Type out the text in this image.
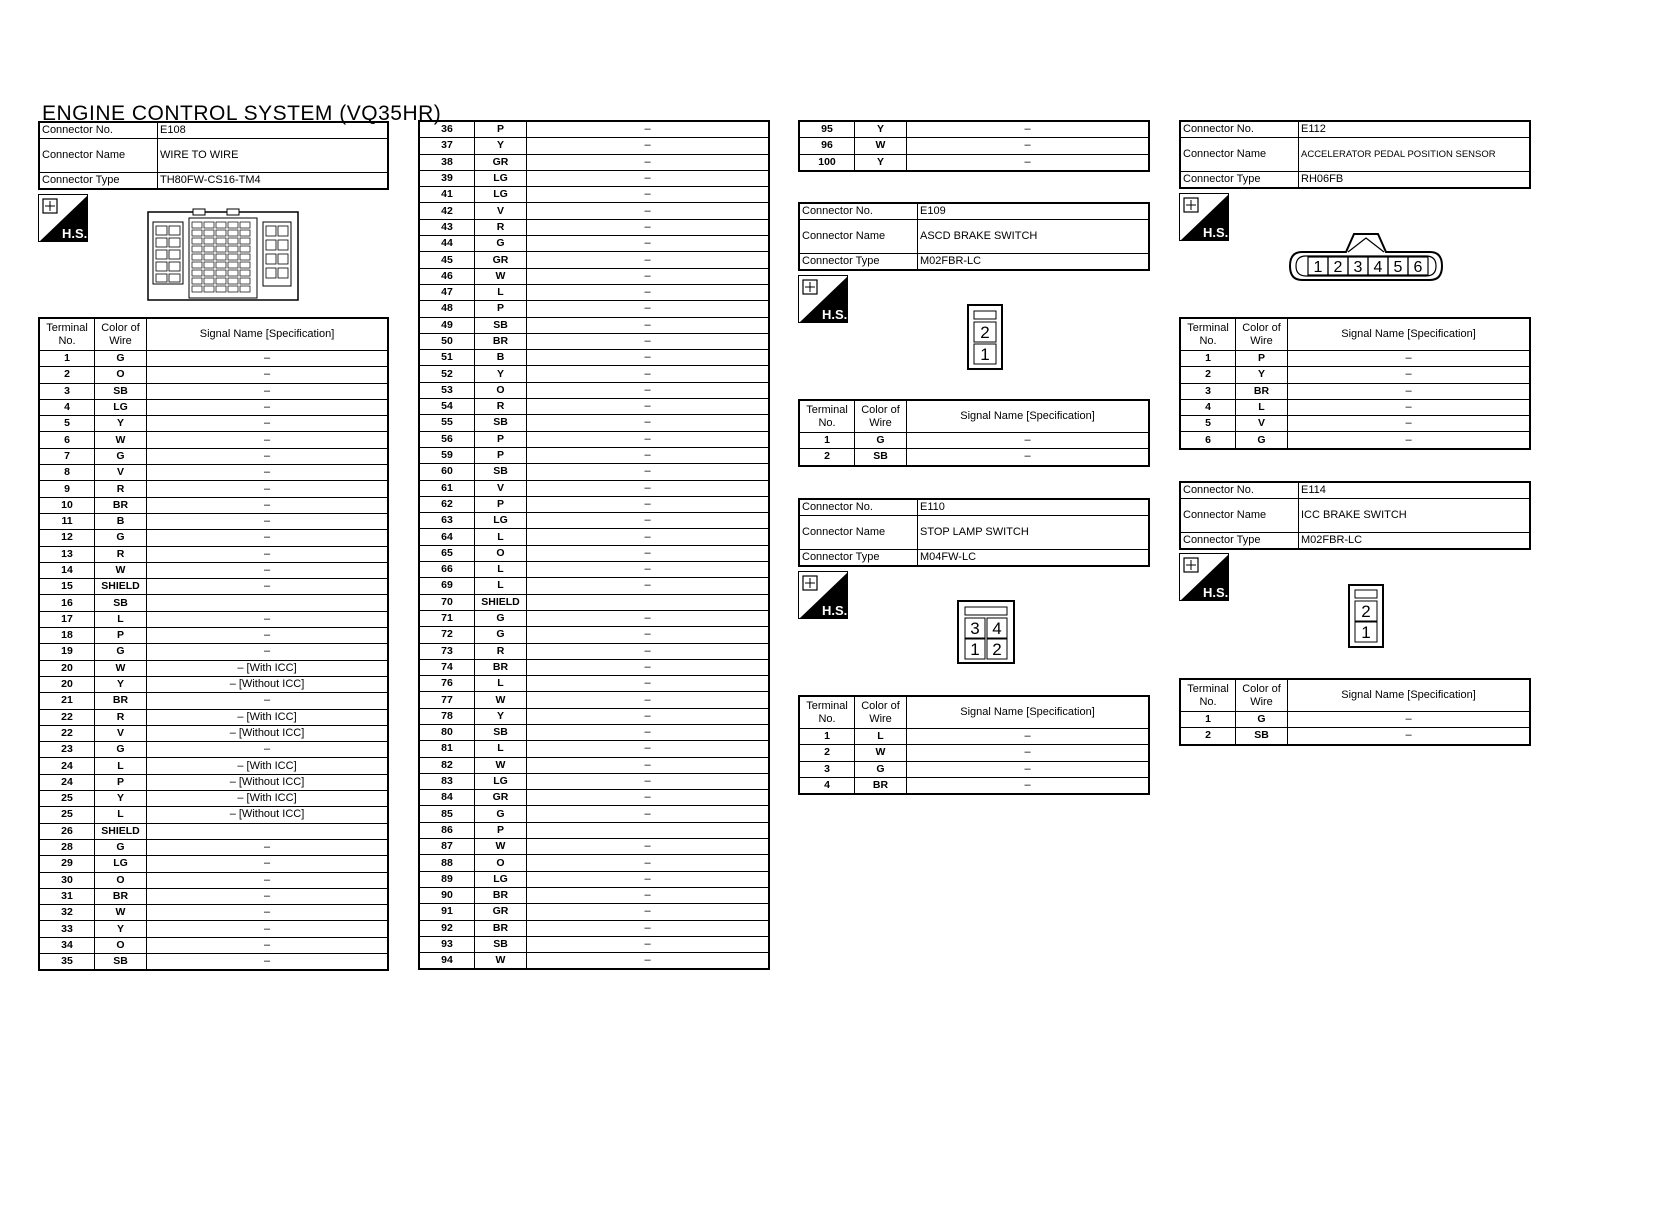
ENGINE CONTROL SYSTEM (VQ35HR)
Connector No.	E108
Connector Name	WIRE TO WIRE
Connector Type	TH80FW-CS16-TM4
H.S.
Terminal No.	Color of Wire	Signal Name [Specification]
1	G	–
2	O	–
3	SB	–
4	LG	–
5	Y	–
6	W	–
7	G	–
8	V	–
9	R	–
10	BR	–
11	B	–
12	G	–
13	R	–
14	W	–
15	SHIELD	–
16	SB	
17	L	–
18	P	–
19	G	–
20	W	– [With ICC]
20	Y	– [Without ICC]
21	BR	–
22	R	– [With ICC]
22	V	– [Without ICC]
23	G	–
24	L	– [With ICC]
24	P	– [Without ICC]
25	Y	– [With ICC]
25	L	– [Without ICC]
26	SHIELD	
28	G	–
29	LG	–
30	O	–
31	BR	–
32	W	–
33	Y	–
34	O	–
35	SB	–
36	P	–
37	Y	–
38	GR	–
39	LG	–
41	LG	–
42	V	–
43	R	–
44	G	–
45	GR	–
46	W	–
47	L	–
48	P	–
49	SB	–
50	BR	–
51	B	–
52	Y	–
53	O	–
54	R	–
55	SB	–
56	P	–
59	P	–
60	SB	–
61	V	–
62	P	–
63	LG	–
64	L	–
65	O	–
66	L	–
69	L	–
70	SHIELD	
71	G	–
72	G	–
73	R	–
74	BR	–
76	L	–
77	W	–
78	Y	–
80	SB	–
81	L	–
82	W	–
83	LG	–
84	GR	–
85	G	–
86	P	
87	W	–
88	O	–
89	LG	–
90	BR	–
91	GR	–
92	BR	–
93	SB	–
94	W	–
95	Y	–
96	W	–
100	Y	–
Connector No.	E109
Connector Name	ASCD BRAKE SWITCH
Connector Type	M02FBR-LC
H.S.
2
1
Terminal No.	Color of Wire	Signal Name [Specification]
1	G	–
2	SB	–
Connector No.	E110
Connector Name	STOP LAMP SWITCH
Connector Type	M04FW-LC
H.S.
3 4
1 2
Terminal No.	Color of Wire	Signal Name [Specification]
1	L	–
2	W	–
3	G	–
4	BR	–
Connector No.	E112
Connector Name	ACCELERATOR PEDAL POSITION SENSOR
Connector Type	RH06FB
H.S.
1 2 3 4 5 6
Terminal No.	Color of Wire	Signal Name [Specification]
1	P	–
2	Y	–
3	BR	–
4	L	–
5	V	–
6	G	–
Connector No.	E114
Connector Name	ICC BRAKE SWITCH
Connector Type	M02FBR-LC
H.S.
2
1
Terminal No.	Color of Wire	Signal Name [Specification]
1	G	–
2	SB	–
